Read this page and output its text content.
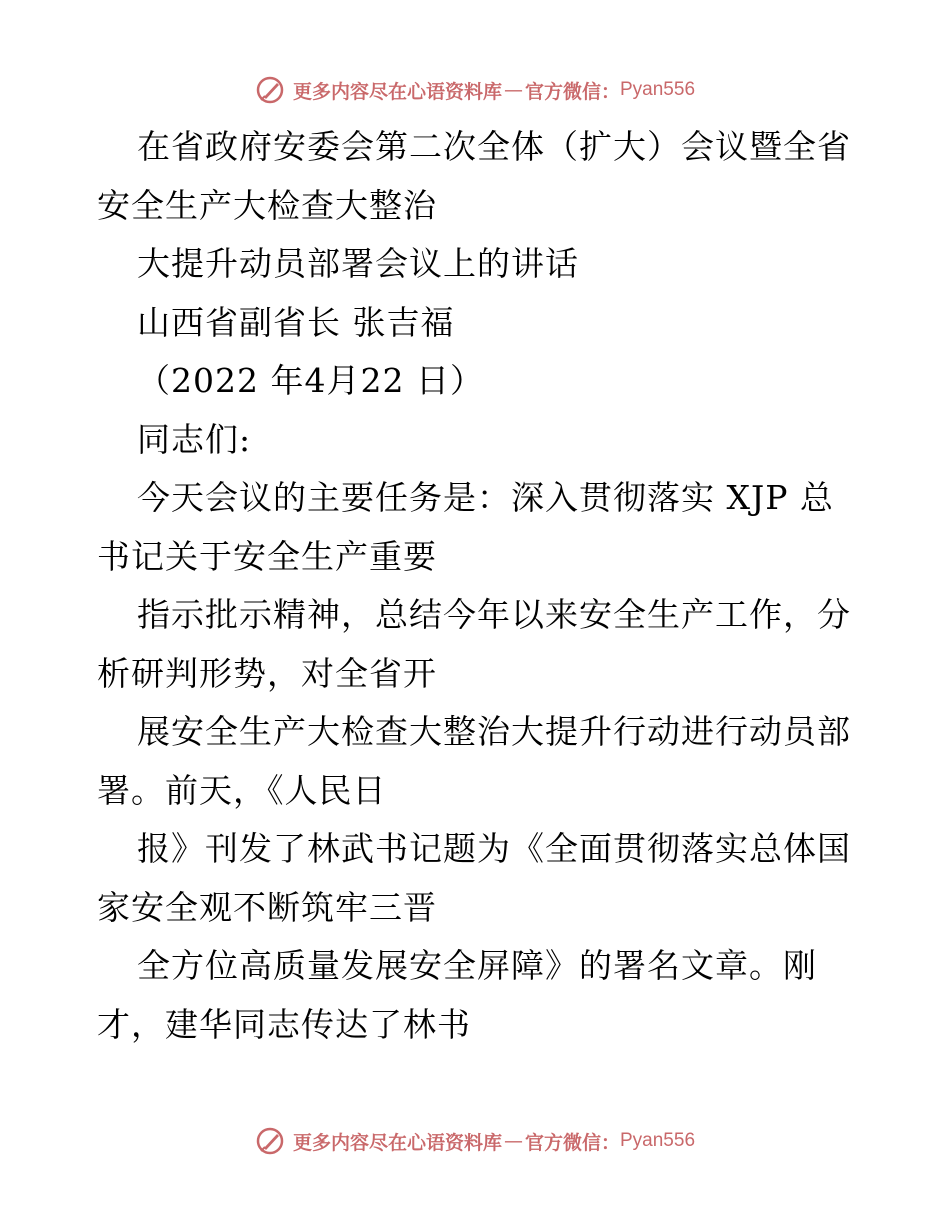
更多内容尽在心语资料库 — 官方微信： Pyan556
在省政府安委会第二次全体（扩大）会议暨全省
安全生产大检查大整治
大提升动员部署会议上的讲话
山西省副省长 张吉福
（2022 年4月22 日）
同志们:
今天会议的主要任务是：深入贯彻落实 XJP 总
书记关于安全生产重要
指示批示精神，总结今年以来安全生产工作，分
析研判形势，对全省开
展安全生产大检查大整治大提升行动进行动员部
署。前天，《人民日
报》刊发了林武书记题为《全面贯彻落实总体国
家安全观不断筑牢三晋
全方位高质量发展安全屏障》的署名文章。刚
才，建华同志传达了林书
更多内容尽在心语资料库 — 官方微信： Pyan556
